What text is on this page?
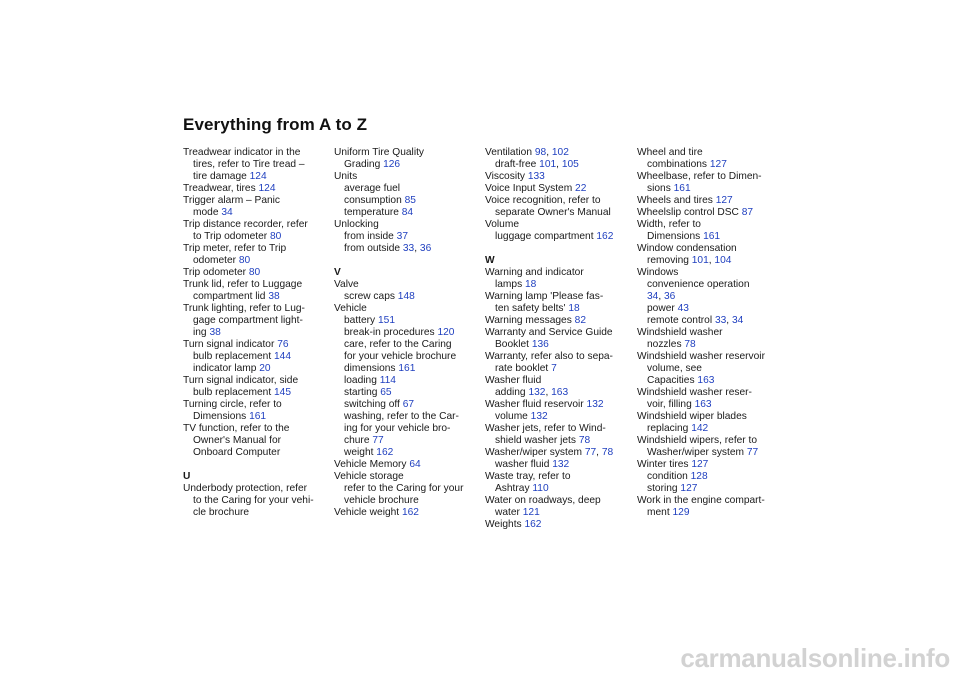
Everything from A to Z
Treadwear indicator in the
tires, refer to Tire tread –
tire damage 124
Treadwear, tires 124
Trigger alarm – Panic
mode 34
Trip distance recorder, refer
to Trip odometer 80
Trip meter, refer to Trip
odometer 80
Trip odometer 80
Trunk lid, refer to Luggage
compartment lid 38
Trunk lighting, refer to Lug-
gage compartment light-
ing 38
Turn signal indicator 76
bulb replacement 144
indicator lamp 20
Turn signal indicator, side
bulb replacement 145
Turning circle, refer to
Dimensions 161
TV function, refer to the
Owner's Manual for
Onboard Computer
U
Underbody protection, refer
to the Caring for your vehi-
cle brochure
Uniform Tire Quality
Grading 126
Units
average fuel
consumption 85
temperature 84
Unlocking
from inside 37
from outside 33, 36
V
Valve
screw caps 148
Vehicle
battery 151
break-in procedures 120
care, refer to the Caring
for your vehicle brochure
dimensions 161
loading 114
starting 65
switching off 67
washing, refer to the Car-
ing for your vehicle bro-
chure 77
weight 162
Vehicle Memory 64
Vehicle storage
refer to the Caring for your
vehicle brochure
Vehicle weight 162
Ventilation 98, 102
draft-free 101, 105
Viscosity 133
Voice Input System 22
Voice recognition, refer to
separate Owner's Manual
Volume
luggage compartment 162
W
Warning and indicator
lamps 18
Warning lamp 'Please fas-
ten safety belts' 18
Warning messages 82
Warranty and Service Guide
Booklet 136
Warranty, refer also to sepa-
rate booklet 7
Washer fluid
adding 132, 163
Washer fluid reservoir 132
volume 132
Washer jets, refer to Wind-
shield washer jets 78
Washer/wiper system 77, 78
washer fluid 132
Waste tray, refer to
Ashtray 110
Water on roadways, deep
water 121
Weights 162
Wheel and tire
combinations 127
Wheelbase, refer to Dimen-
sions 161
Wheels and tires 127
Wheelslip control DSC 87
Width, refer to
Dimensions 161
Window condensation
removing 101, 104
Windows
convenience operation
34, 36
power 43
remote control 33, 34
Windshield washer
nozzles 78
Windshield washer reservoir
volume, see
Capacities 163
Windshield washer reser-
voir, filling 163
Windshield wiper blades
replacing 142
Windshield wipers, refer to
Washer/wiper system 77
Winter tires 127
condition 128
storing 127
Work in the engine compart-
ment 129
carmanualsonline.info
